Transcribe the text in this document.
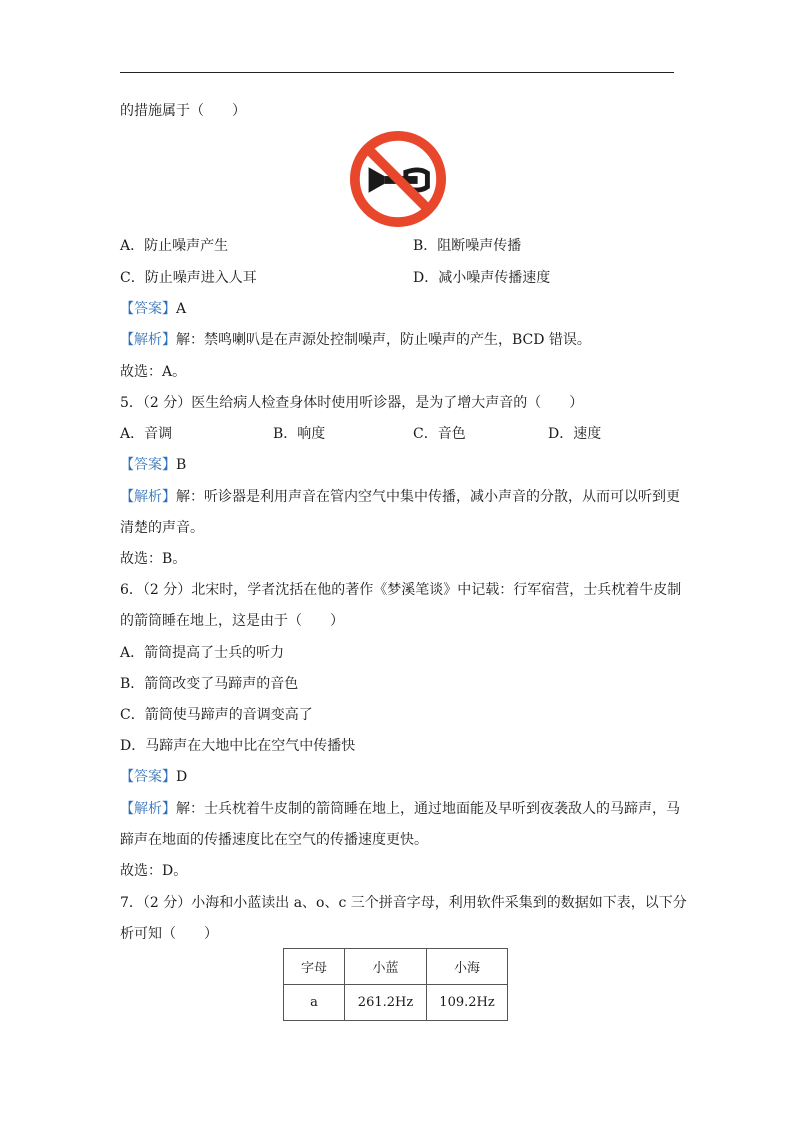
的措施属于（　　）
A．防止噪声产生	B．阻断噪声传播
C．防止噪声进入人耳	D．减小噪声传播速度
【答案】A
【解析】解：禁鸣喇叭是在声源处控制噪声，防止噪声的产生，BCD 错误。
故选：A。
5．（2 分）医生给病人检查身体时使用听诊器，是为了增大声音的（　　）
A．音调	B．响度	C．音色	D．速度
【答案】B
【解析】解：听诊器是利用声音在管内空气中集中传播，减小声音的分散，从而可以听到更
清楚的声音。
故选：B。
6．（2 分）北宋时，学者沈括在他的著作《梦溪笔谈》中记载：行军宿营，士兵枕着牛皮制
的箭筒睡在地上，这是由于（　　）
A．箭筒提高了士兵的听力
B．箭筒改变了马蹄声的音色
C．箭筒使马蹄声的音调变高了
D．马蹄声在大地中比在空气中传播快
【答案】D
【解析】解：士兵枕着牛皮制的箭筒睡在地上，通过地面能及早听到夜袭敌人的马蹄声，马
蹄声在地面的传播速度比在空气的传播速度更快。
故选：D。
7．（2 分）小海和小蓝读出 a、o、c 三个拼音字母，利用软件采集到的数据如下表，以下分
析可知（　　）
字母	小蓝	小海
a	261.2Hz	109.2Hz
